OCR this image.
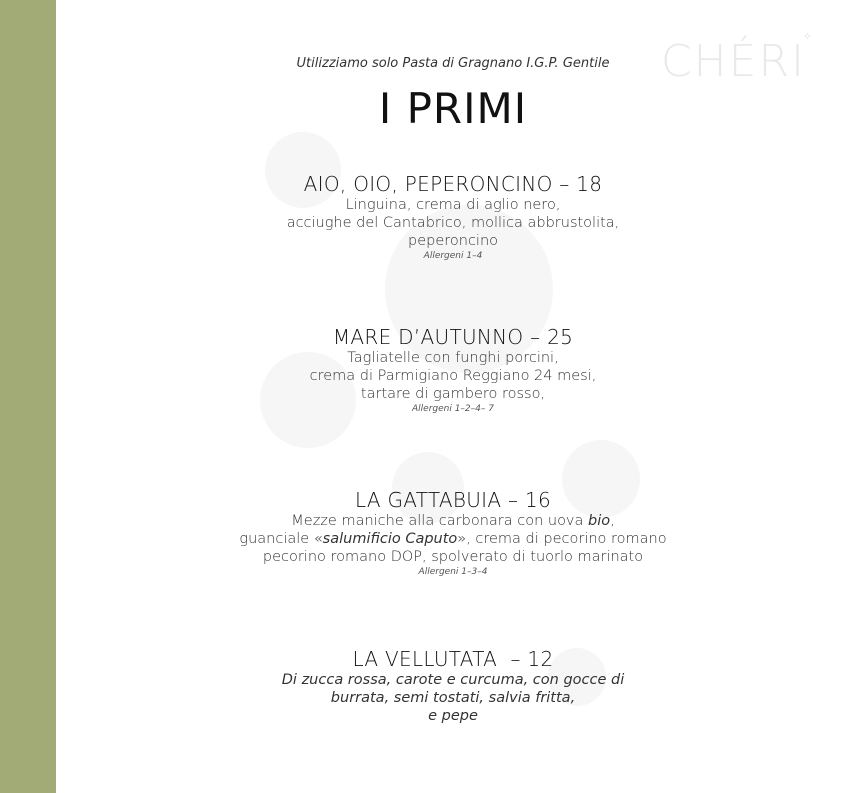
CHÉRI
✧
Utilizziamo solo Pasta di Gragnano I.G.P. Gentile
I PRIMI
AIO, OIO, PEPERONCINO – 18
Linguina, crema di aglio nero,
acciughe del Cantabrico, mollica abbrustolita,
peperoncino
Allergeni 1–4
MARE D’AUTUNNO – 25
Tagliatelle con funghi porcini,
crema di Parmigiano Reggiano 24 mesi,
tartare di gambero rosso,
Allergeni 1–2–4– 7
LA GATTABUIA – 16
Mezze maniche alla carbonara con uova bio,
guanciale «salumificio Caputo», crema di pecorino romano
pecorino romano DOP, spolverato di tuorlo marinato
Allergeni 1–3–4
LA VELLUTATA  – 12
Di zucca rossa, carote e curcuma, con gocce di
burrata, semi tostati, salvia fritta,
e pepe
